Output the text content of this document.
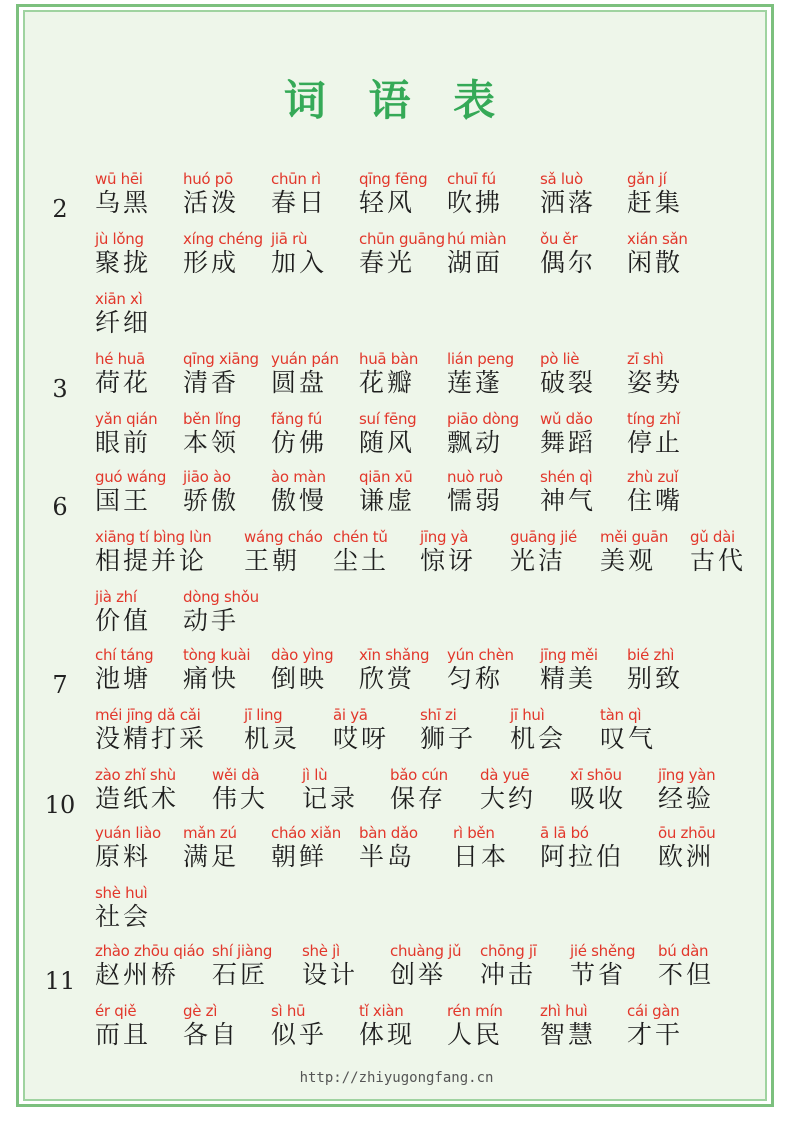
词 语 表
2
wū hēi
乌黑
huó pō
活泼
chūn rì
春日
qīng fēng
轻风
chuī fú
吹拂
sǎ luò
洒落
gǎn jí
赶集
jù lǒng
聚拢
xíng chéng
形成
jiā rù
加入
chūn guāng
春光
hú miàn
湖面
ǒu ěr
偶尔
xián sǎn
闲散
xiān xì
纤细
3
hé huā
荷花
qīng xiāng
清香
yuán pán
圆盘
huā bàn
花瓣
lián peng
莲蓬
pò liè
破裂
zī shì
姿势
yǎn qián
眼前
běn lǐng
本领
fǎng fú
仿佛
suí fēng
随风
piāo dòng
飘动
wǔ dǎo
舞蹈
tíng zhǐ
停止
6
guó wáng
国王
jiāo ào
骄傲
ào màn
傲慢
qiān xū
谦虚
nuò ruò
懦弱
shén qì
神气
zhù zuǐ
住嘴
xiāng tí bìng lùn
相提并论
wáng cháo
王朝
chén tǔ
尘土
jīng yà
惊讶
guāng jié
光洁
měi guān
美观
gǔ dài
古代
jià zhí
价值
dòng shǒu
动手
7
chí táng
池塘
tòng kuài
痛快
dào yìng
倒映
xīn shǎng
欣赏
yún chèn
匀称
jīng měi
精美
bié zhì
别致
méi jīng dǎ cǎi
没精打采
jī ling
机灵
āi yā
哎呀
shī zi
狮子
jī huì
机会
tàn qì
叹气
10
zào zhǐ shù
造纸术
wěi dà
伟大
jì lù
记录
bǎo cún
保存
dà yuē
大约
xī shōu
吸收
jīng yàn
经验
yuán liào
原料
mǎn zú
满足
cháo xiǎn
朝鲜
bàn dǎo
半岛
rì běn
日本
ā lā bó
阿拉伯
ōu zhōu
欧洲
shè huì
社会
11
zhào zhōu qiáo
赵州桥
shí jiàng
石匠
shè jì
设计
chuàng jǔ
创举
chōng jī
冲击
jié shěng
节省
bú dàn
不但
ér qiě
而且
gè zì
各自
sì hū
似乎
tǐ xiàn
体现
rén mín
人民
zhì huì
智慧
cái gàn
才干
http://zhiyugongfang.cn
